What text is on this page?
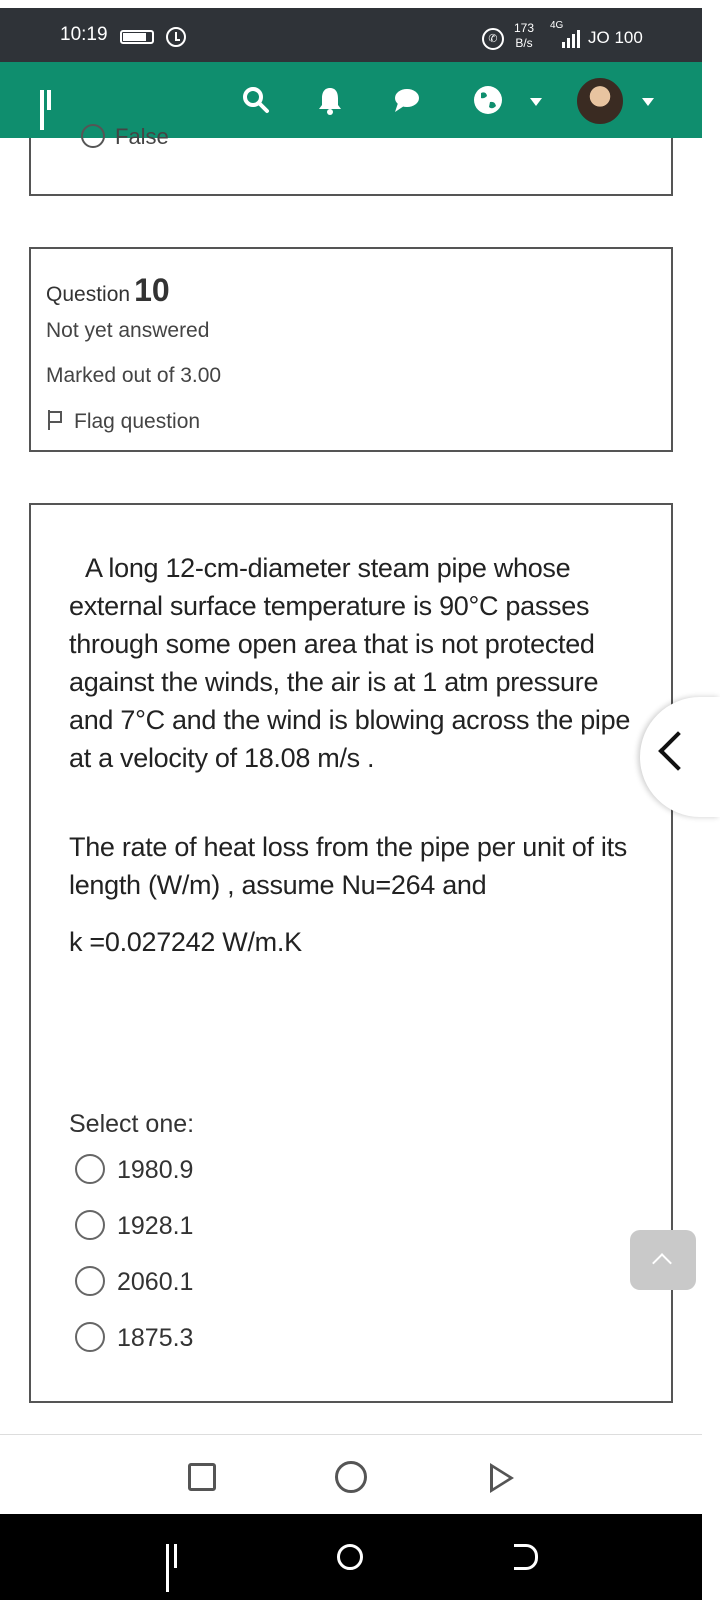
10:19	✆
173
B/s
4G
JO 100
False
Question 10
Not yet answered
Marked out of 3.00
Flag question
A long 12-cm-diameter steam pipe whose external surface temperature is 90°C passes through some open area that is not protected against the winds, the air is at 1 atm pressure and 7°C and the wind is blowing across the pipe at a velocity of 18.08 m/s .
The rate of heat loss from the pipe per unit of its length (W/m) , assume Nu=264 and
k =0.027242 W/m.K
Select one:
1980.9
1928.1
2060.1
1875.3
